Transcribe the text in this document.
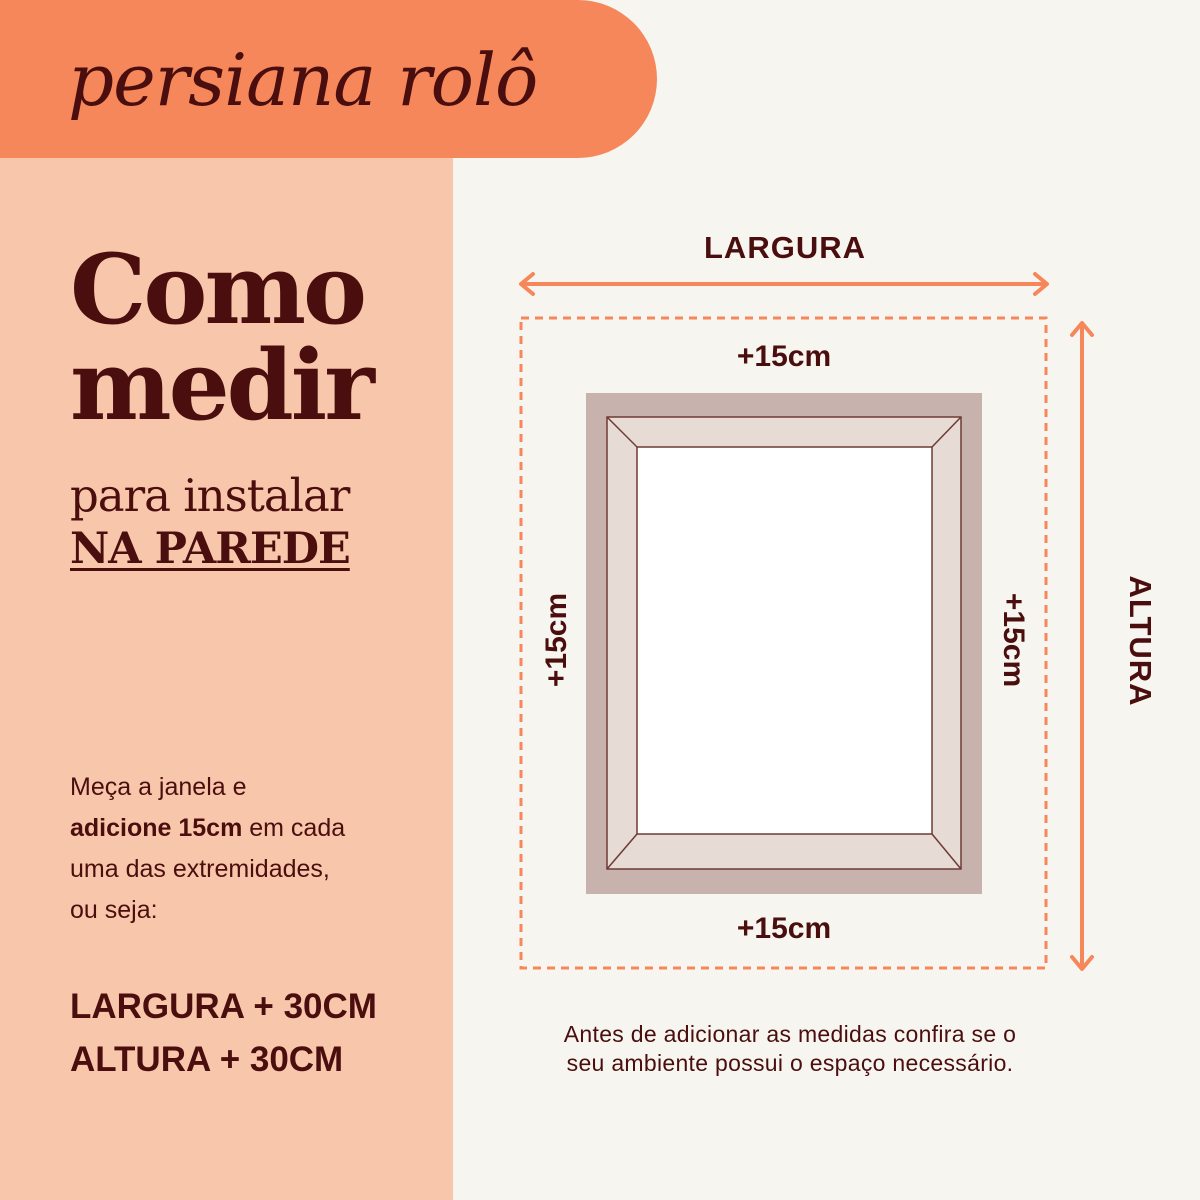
persiana rolô
Como
medir
para instalar
NA PAREDE
Meça a janela e
adicione 15cm em cada
uma das extremidades,
ou seja:
LARGURA + 30CM
ALTURA + 30CM
LARGURA
+15cm
+15cm
+15cm	+15cm	ALTURA
Antes de adicionar as medidas confira se o
seu ambiente possui o espaço necessário.
